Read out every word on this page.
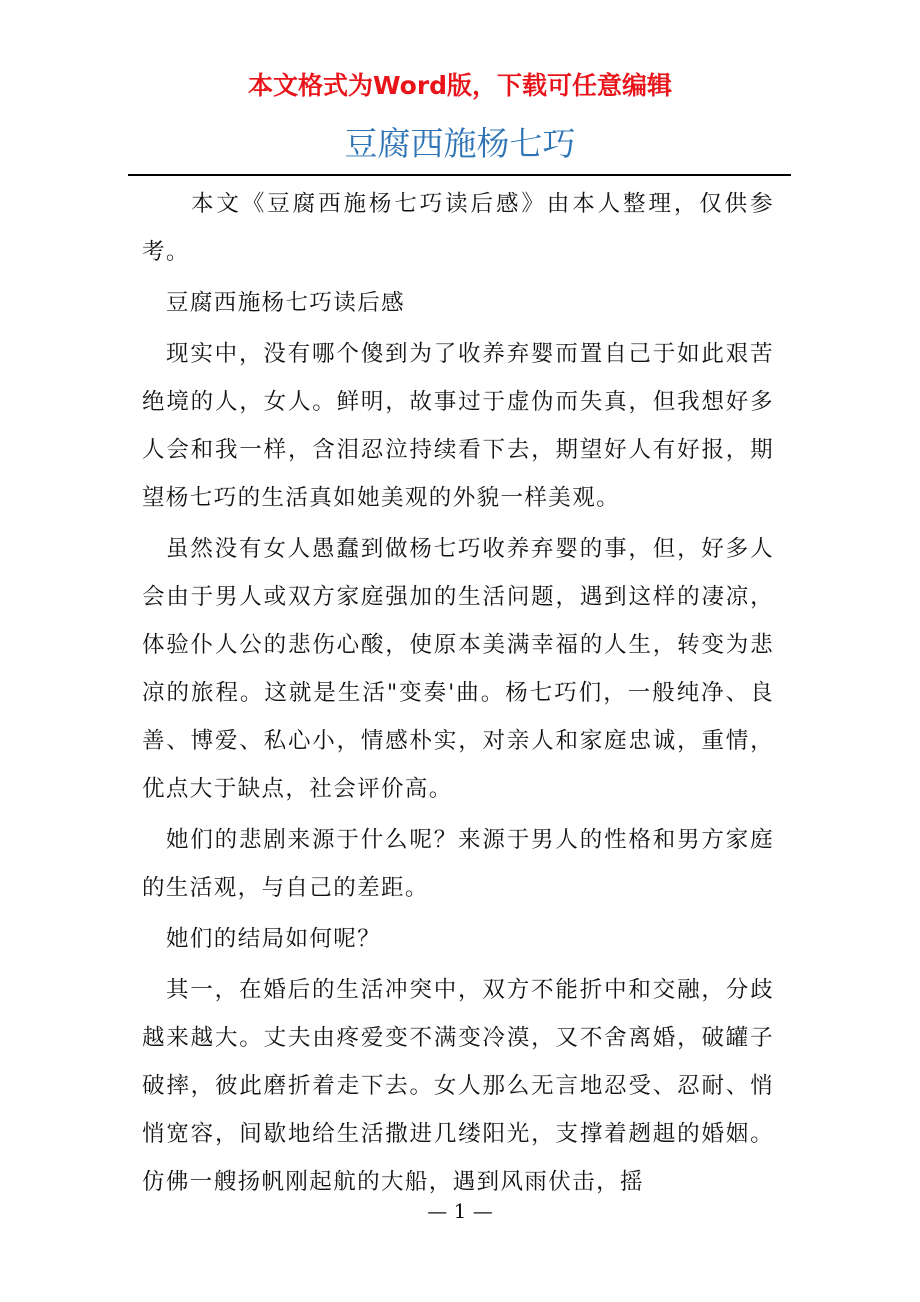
本文格式为Word版，下载可任意编辑
豆腐西施杨七巧

本文《豆腐西施杨七巧读后感》由本人整理，仅供参考。

豆腐西施杨七巧读后感

现实中，没有哪个傻到为了收养弃婴而置自己于如此艰苦绝境的人，女人。鲜明，故事过于虚伪而失真，但我想好多人会和我一样，含泪忍泣持续看下去，期望好人有好报，期望杨七巧的生活真如她美观的外貌一样美观。

虽然没有女人愚蠢到做杨七巧收养弃婴的事，但，好多人会由于男人或双方家庭强加的生活问题，遇到这样的凄凉，体验仆人公的悲伤心酸，使原本美满幸福的人生，转变为悲凉的旅程。这就是生活"变奏'曲。杨七巧们，一般纯净、良善、博爱、私心小，情感朴实，对亲人和家庭忠诚，重情，优点大于缺点，社会评价高。

她们的悲剧来源于什么呢？来源于男人的性格和男方家庭的生活观，与自己的差距。

她们的结局如何呢？

其一，在婚后的生活冲突中，双方不能折中和交融，分歧越来越大。丈夫由疼爱变不满变冷漠，又不舍离婚，破罐子破摔，彼此磨折着走下去。女人那么无言地忍受、忍耐、悄悄宽容，间歇地给生活撒进几缕阳光，支撑着趔趄的婚姻。仿佛一艘扬帆刚起航的大船，遇到风雨伏击，摇

— 1 —
